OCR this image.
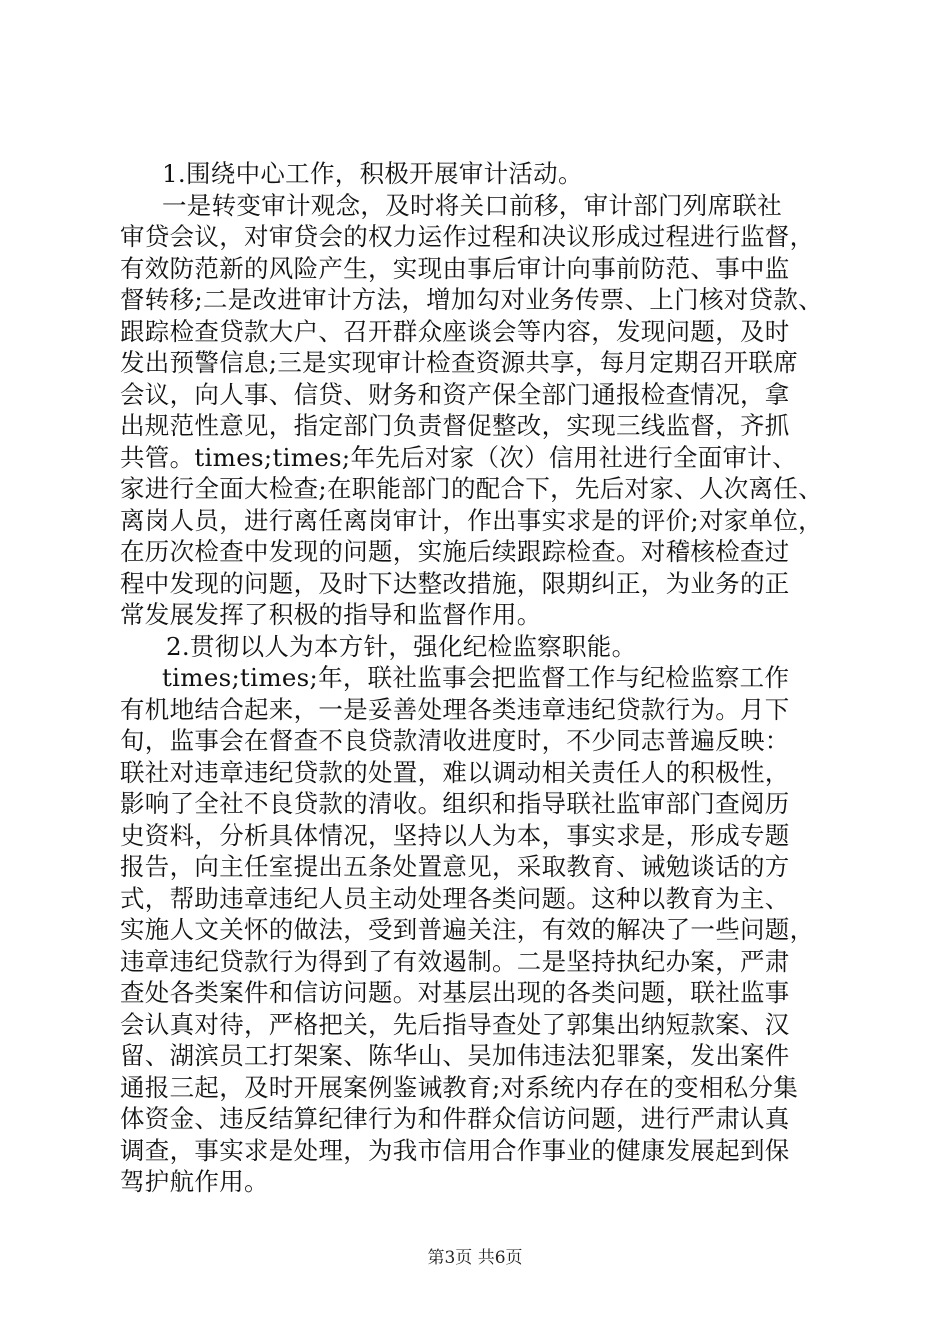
1.围绕中心工作，积极开展审计活动。
一是转变审计观念，及时将关口前移，审计部门列席联社
审贷会议，对审贷会的权力运作过程和决议形成过程进行监督，
有效防范新的风险产生，实现由事后审计向事前防范、事中监
督转移;二是改进审计方法，增加勾对业务传票、上门核对贷款、
跟踪检查贷款大户、召开群众座谈会等内容，发现问题，及时
发出预警信息;三是实现审计检查资源共享，每月定期召开联席
会议，向人事、信贷、财务和资产保全部门通报检查情况，拿
出规范性意见，指定部门负责督促整改，实现三线监督，齐抓
共管。times;times;年先后对家（次）信用社进行全面审计、
家进行全面大检查;在职能部门的配合下，先后对家、人次离任、
离岗人员，进行离任离岗审计，作出事实求是的评价;对家单位，
在历次检查中发现的问题，实施后续跟踪检查。对稽核检查过
程中发现的问题，及时下达整改措施，限期纠正，为业务的正
常发展发挥了积极的指导和监督作用。
2.贯彻以人为本方针，强化纪检监察职能。
times;times;年，联社监事会把监督工作与纪检监察工作
有机地结合起来，一是妥善处理各类违章违纪贷款行为。月下
旬，监事会在督查不良贷款清收进度时，不少同志普遍反映：
联社对违章违纪贷款的处置，难以调动相关责任人的积极性，
影响了全社不良贷款的清收。组织和指导联社监审部门查阅历
史资料，分析具体情况，坚持以人为本，事实求是，形成专题
报告，向主任室提出五条处置意见，采取教育、诫勉谈话的方
式，帮助违章违纪人员主动处理各类问题。这种以教育为主、
实施人文关怀的做法，受到普遍关注，有效的解决了一些问题，
违章违纪贷款行为得到了有效遏制。二是坚持执纪办案，严肃
查处各类案件和信访问题。对基层出现的各类问题，联社监事
会认真对待，严格把关，先后指导查处了郭集出纳短款案、汉
留、湖滨员工打架案、陈华山、吴加伟违法犯罪案，发出案件
通报三起，及时开展案例鉴诫教育;对系统内存在的变相私分集
体资金、违反结算纪律行为和件群众信访问题，进行严肃认真
调查，事实求是处理，为我市信用合作事业的健康发展起到保
驾护航作用。
第3页 共6页
